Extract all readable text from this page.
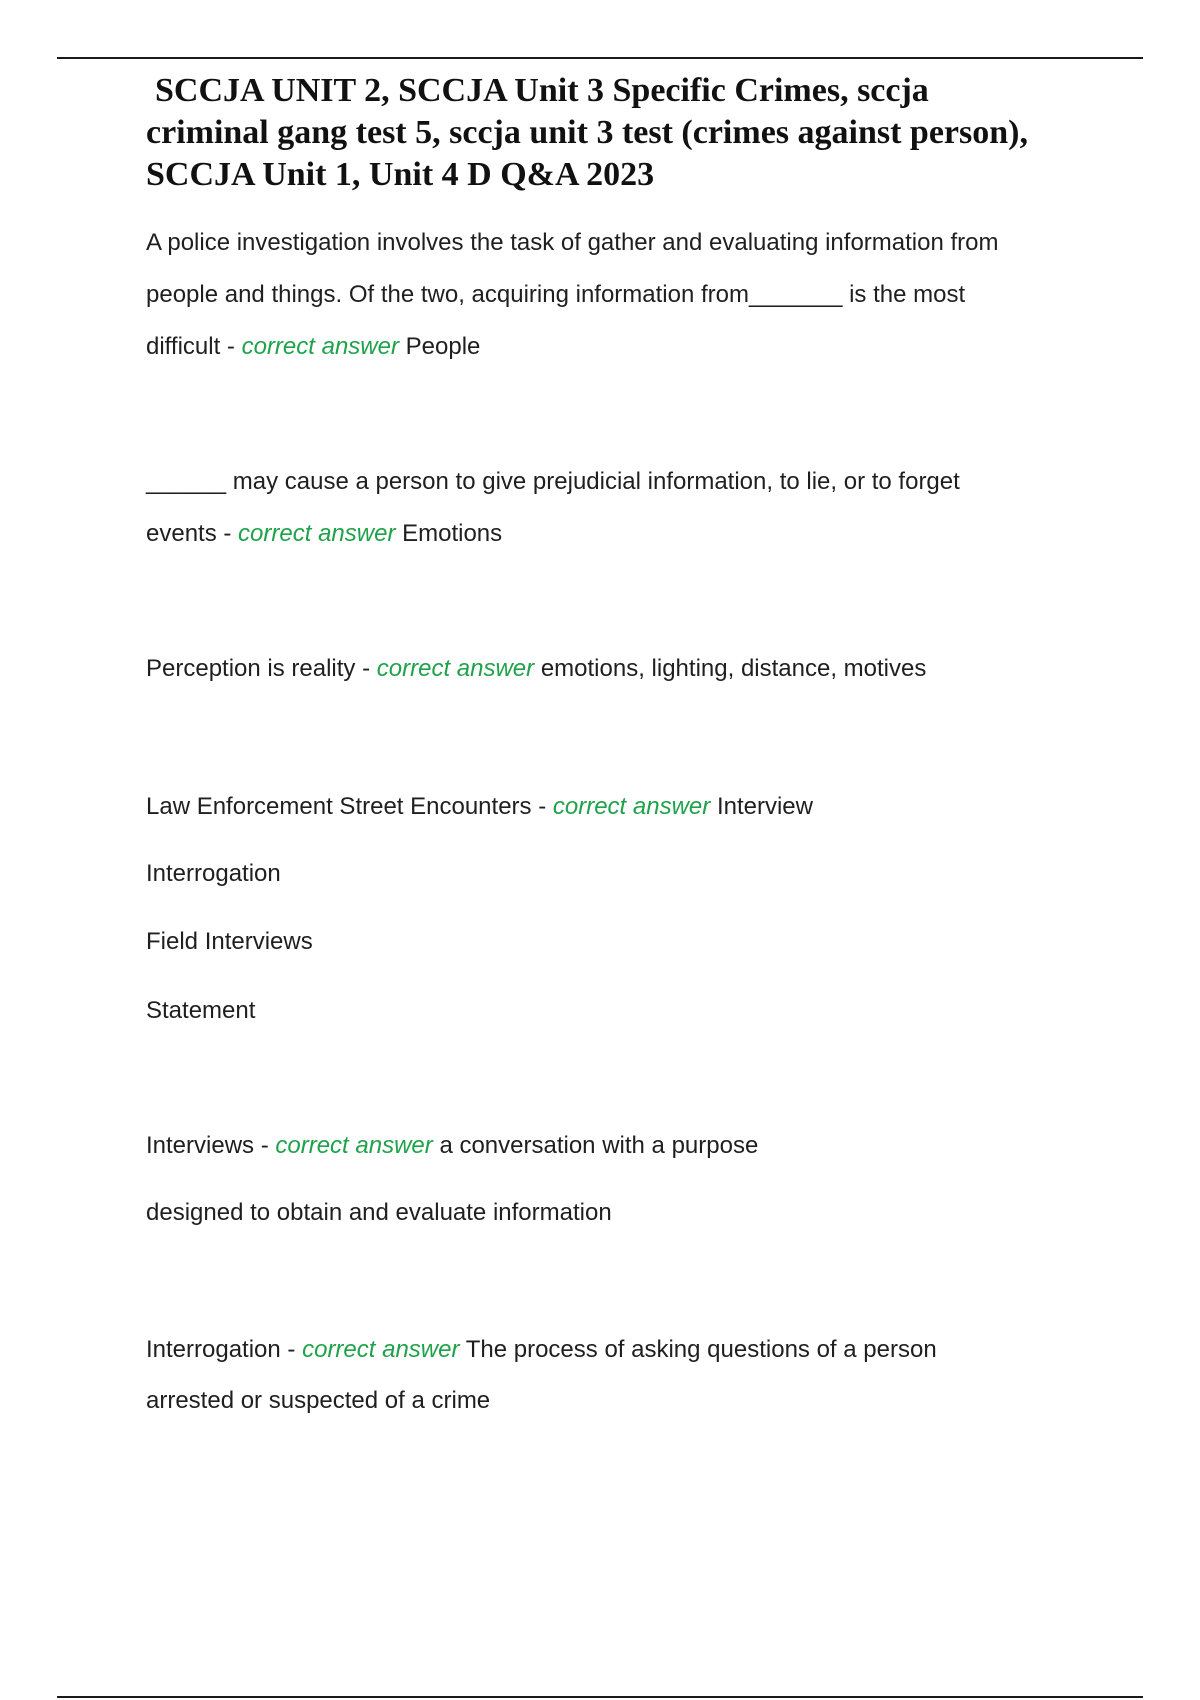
SCCJA UNIT 2, SCCJA Unit 3 Specific Crimes, sccja
criminal gang test 5, sccja unit 3 test (crimes against person),
SCCJA Unit 1, Unit 4 D Q&A 2023

A police investigation involves the task of gather and evaluating information from

people and things. Of the two, acquiring information from_______ is the most

difficult - correct answer People

______ may cause a person to give prejudicial information, to lie, or to forget

events - correct answer Emotions

Perception is reality - correct answer emotions, lighting, distance, motives

Law Enforcement Street Encounters - correct answer Interview

Interrogation

Field Interviews

Statement

Interviews - correct answer a conversation with a purpose

designed to obtain and evaluate information

Interrogation - correct answer The process of asking questions of a person

arrested or suspected of a crime
